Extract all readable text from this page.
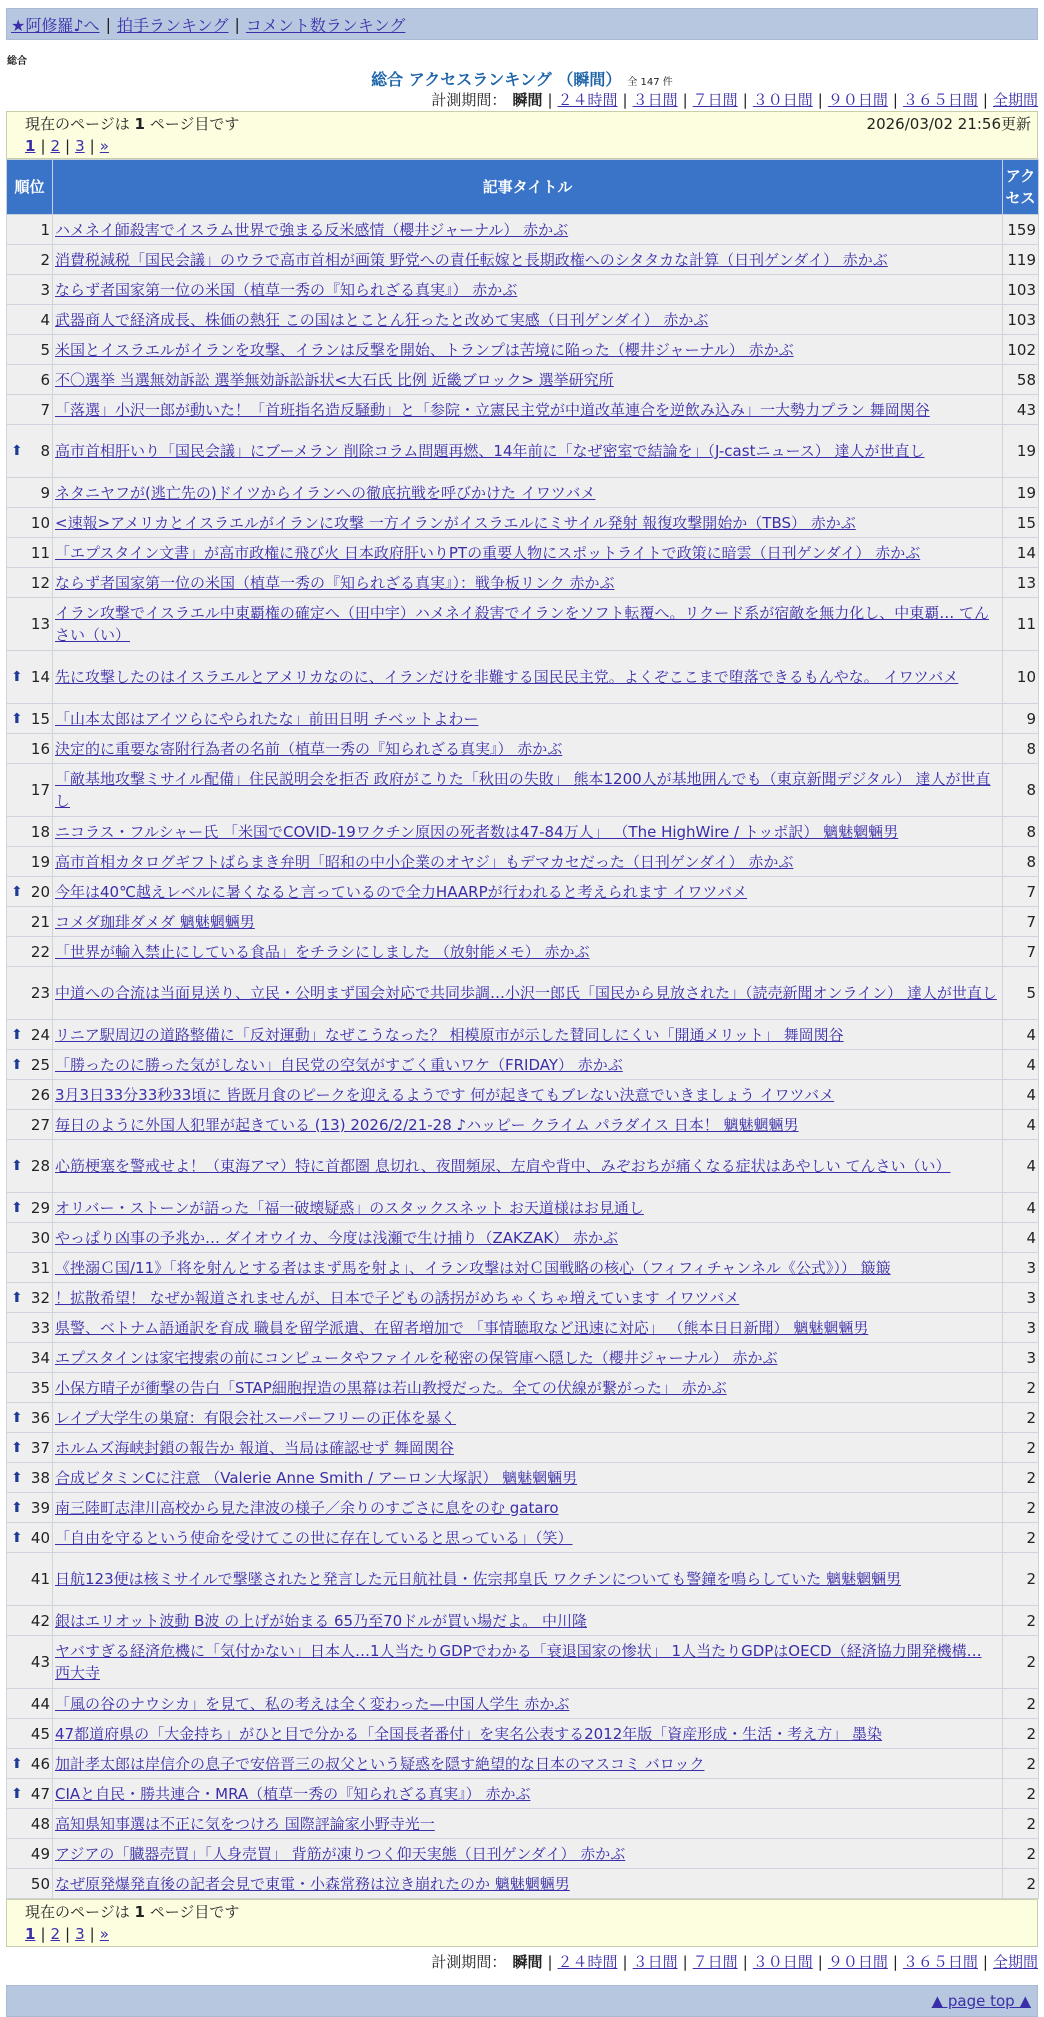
★阿修羅♪へ | 拍手ランキング | コメント数ランキング
総合
総合 アクセスランキング （瞬間） 全 147 件
計測期間： 瞬間 | ２４時間 | ３日間 | ７日間 | ３０日間 | ９０日間 | ３６５日間 | 全期間
現在のページは 1 ページ目です	2026/03/02 21:56更新
1 | 2 | 3 | »
順位	記事タイトル	アクセス
1	ハメネイ師殺害でイスラム世界で強まる反米感情（櫻井ジャーナル） 赤かぶ	159
2	消費税減税「国民会議」のウラで高市首相が画策 野党への責任転嫁と長期政権へのシタタカな計算（日刊ゲンダイ） 赤かぶ	119
3	ならず者国家第一位の米国（植草一秀の『知られざる真実』） 赤かぶ	103
4	武器商人で経済成長、株価の熱狂 この国はとことん狂ったと改めて実感（日刊ゲンダイ） 赤かぶ	103
5	米国とイスラエルがイランを攻撃、イランは反撃を開始、トランプは苦境に陥った（櫻井ジャーナル） 赤かぶ	102
6	不〇選挙 当選無効訴訟 選挙無効訴訟訴状<大石氏 比例 近畿ブロック> 選挙研究所	58
7	「落選」小沢一郎が動いた！「首班指名造反騒動」と「参院・立憲民主党が中道改革連合を逆飲み込み」一大勢力プラン 舞岡関谷	43

⬆ 8	高市首相肝いり「国民会議」にブーメラン 削除コラム問題再燃、14年前に「なぜ密室で結論を」（J-castニュース） 達人が世直し	19
9	ネタニヤフが(逃亡先の)ドイツからイランへの徹底抗戦を呼びかけた イワツバメ	19
10	<速報>アメリカとイスラエルがイランに攻撃 一方イランがイスラエルにミサイル発射 報復攻撃開始か（TBS） 赤かぶ	15
11	「エプスタイン文書」が高市政権に飛び火 日本政府肝いりPTの重要人物にスポットライトで政策に暗雲（日刊ゲンダイ） 赤かぶ	14
12	ならず者国家第一位の米国（植草一秀の『知られざる真実』）：戦争板リンク 赤かぶ	13
13	イラン攻撃でイスラエル中東覇権の確定へ（田中宇）ハメネイ殺害でイランをソフト転覆へ。リクード系が宿敵を無力化し、中東覇… てんさい（い）	11

⬆ 14	先に攻撃したのはイスラエルとアメリカなのに、イランだけを非難する国民民主党。よくぞここまで堕落できるもんやな。 イワツバメ	10

⬆ 15	「山本太郎はアイツらにやられたな」前田日明 チベットよわー	9
16	決定的に重要な寄附行為者の名前（植草一秀の『知られざる真実』） 赤かぶ	8
17	「敵基地攻撃ミサイル配備」住民説明会を拒否 政府がこりた「秋田の失敗」 熊本1200人が基地囲んでも（東京新聞デジタル） 達人が世直し	8
18	ニコラス・フルシャー氏 「米国でCOVID-19ワクチン原因の死者数は47-84万人」 （The HighWire / トッポ訳） 魑魅魍魎男	8
19	高市首相カタログギフトばらまき弁明「昭和の中小企業のオヤジ」もデマカセだった（日刊ゲンダイ） 赤かぶ	8

⬆ 20	今年は40℃越えレベルに暑くなると言っているので全力HAARPが行われると考えられます イワツバメ	7
21	コメダ珈琲ダメダ 魑魅魍魎男	7
22	「世界が輸入禁止にしている食品」をチラシにしました （放射能メモ） 赤かぶ	7
23	中道への合流は当面見送り、立民・公明まず国会対応で共同歩調…小沢一郎氏「国民から見放された」（読売新聞オンライン） 達人が世直し	5

⬆ 24	リニア駅周辺の道路整備に「反対運動」なぜこうなった？ 相模原市が示した賛同しにくい「開通メリット」 舞岡関谷	4

⬆ 25	「勝ったのに勝った気がしない」自民党の空気がすごく重いワケ（FRIDAY） 赤かぶ	4
26	3月3日33分33秒33頃に 皆既月食のピークを迎えるようです 何が起きてもブレない決意でいきましょう イワツバメ	4
27	毎日のように外国人犯罪が起きている (13) 2026/2/21-28 ♪ハッピー クライム パラダイス 日本！ 魑魅魍魎男	4

⬆ 28	心筋梗塞を警戒せよ！（東海アマ）特に首都圏 息切れ、夜間頻尿、左肩や背中、みぞおちが痛くなる症状はあやしい てんさい（い）	4

⬆ 29	オリバー・ストーンが語った「福一破壊疑惑」のスタックスネット お天道様はお見通し	4
30	やっぱり凶事の予兆か… ダイオウイカ、今度は浅瀬で生け捕り（ZAKZAK） 赤かぶ	4
31	《挫溺Ｃ国/11》「将を射んとする者はまず馬を射よ」、イラン攻撃は対Ｃ国戦略の核心（フィフィチャンネル《公式》）） 簸簸	3

⬆ 32	！拡散希望！ なぜか報道されませんが、日本で子どもの誘拐がめちゃくちゃ増えています イワツバメ	3
33	県警、ベトナム語通訳を育成 職員を留学派遣、在留者増加で 「事情聴取など迅速に対応」 （熊本日日新聞） 魑魅魍魎男	3
34	エプスタインは家宅捜索の前にコンピュータやファイルを秘密の保管庫へ隠した（櫻井ジャーナル） 赤かぶ	3
35	小保方晴子が衝撃の告白「STAP細胞捏造の黒幕は若山教授だった。全ての伏線が繋がった」 赤かぶ	2

⬆ 36	レイプ大学生の巣窟：有限会社スーパーフリーの正体を暴く	2

⬆ 37	ホルムズ海峡封鎖の報告か 報道、当局は確認せず 舞岡関谷	2

⬆ 38	合成ビタミンCに注意 （Valerie Anne Smith / アーロン大塚訳） 魑魅魍魎男	2

⬆ 39	南三陸町志津川高校から見た津波の様子／余りのすごさに息をのむ gataro	2

⬆ 40	「自由を守るという使命を受けてこの世に存在していると思っている」（笑）	2
41	日航123便は核ミサイルで撃墜されたと発言した元日航社員・佐宗邦皇氏 ワクチンについても警鐘を鳴らしていた 魑魅魍魎男	2
42	銀はエリオット波動 B波 の上げが始まる 65乃至70ドルが買い場だよ。 中川隆	2
43	ヤバすぎる経済危機に「気付かない」日本人…1人当たりGDPでわかる「衰退国家の惨状」 1人当たりGDPはOECD（経済協力開発機構… 西大寺	2
44	「風の谷のナウシカ」を見て、私の考えは全く変わった—中国人学生 赤かぶ	2
45	47都道府県の「大金持ち」がひと目で分かる「全国長者番付」を実名公表する2012年版「資産形成・生活・考え方」 墨染	2

⬆ 46	加計孝太郎は岸信介の息子で安倍晋三の叔父という疑惑を隠す絶望的な日本のマスコミ バロック	2

⬆ 47	CIAと自民・勝共連合・MRA（植草一秀の『知られざる真実』） 赤かぶ	2
48	高知県知事選は不正に気をつけろ 国際評論家小野寺光一	2
49	アジアの「臓器売買」「人身売買」 背筋が凍りつく仰天実態（日刊ゲンダイ） 赤かぶ	2
50	なぜ原発爆発直後の記者会見で東電・小森常務は泣き崩れたのか 魑魅魍魎男	2
現在のページは 1 ページ目です
1 | 2 | 3 | »
計測期間： 瞬間 | ２４時間 | ３日間 | ７日間 | ３０日間 | ９０日間 | ３６５日間 | 全期間
▲ page top ▲
